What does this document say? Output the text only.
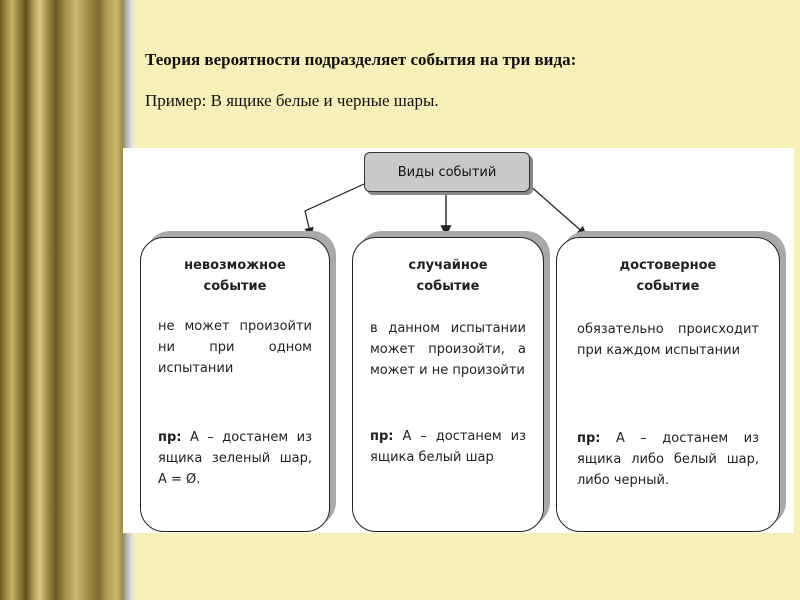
Теория вероятности подразделяет события на три вида:

Пример: В ящике белые и черные шары.

Виды событий
невозможное
событие
не может произойти ни при одном испытании
пр: А – достанем из ящика зеленый шар, А = Ø.
случайное
событие
в данном испытании может произойти, а может и не произойти
пр: А – достанем из ящика белый шар
достоверное
событие
обязательно происходит при каждом испытании
пр: А – достанем из ящика либо белый шар, либо черный.
